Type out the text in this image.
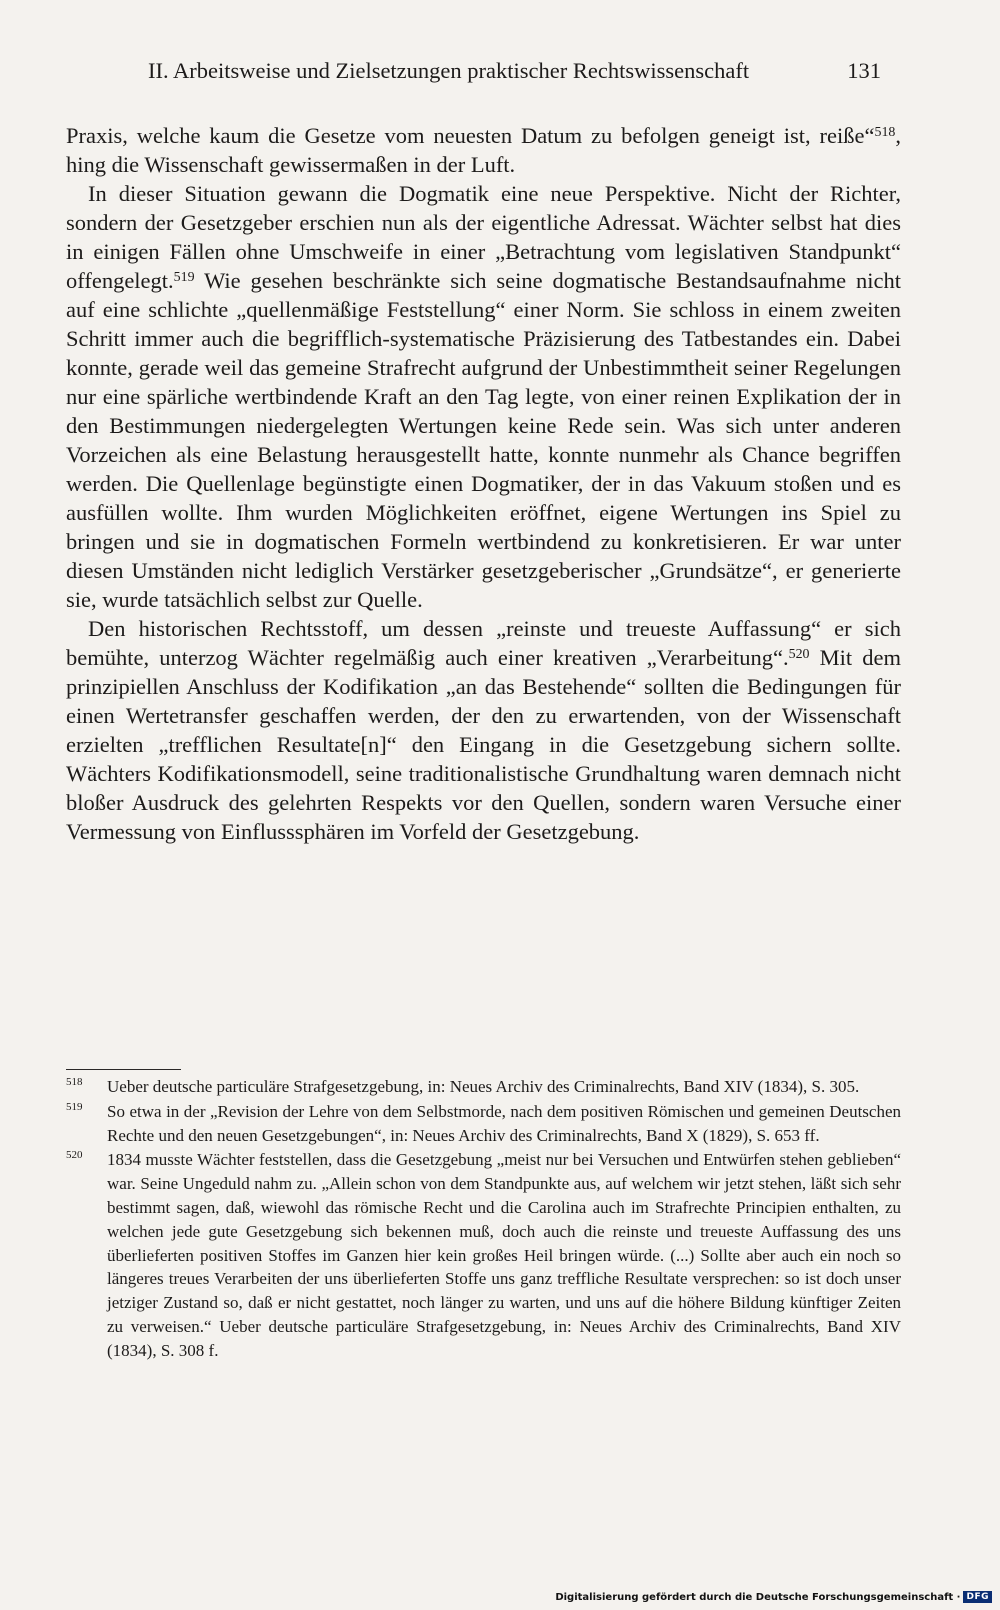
II. Arbeitsweise und Zielsetzungen praktischer Rechtswissenschaft	131

Praxis, welche kaum die Gesetze vom neuesten Datum zu befolgen geneigt ist, reiße“$^{518}$, hing die Wissenschaft gewissermaßen in der Luft.

In dieser Situation gewann die Dogmatik eine neue Perspektive. Nicht der Richter, sondern der Gesetzgeber erschien nun als der eigentliche Adressat. Wächter selbst hat dies in einigen Fällen ohne Umschweife in einer „Betrachtung vom legislativen Standpunkt“ offengelegt.$^{519}$ Wie gesehen beschränkte sich seine dogmatische Bestandsaufnahme nicht auf eine schlichte „quellenmäßige Feststellung“ einer Norm. Sie schloss in einem zweiten Schritt immer auch die begrifflich-systematische Präzisierung des Tatbestandes ein. Dabei konnte, gerade weil das gemeine Strafrecht aufgrund der Unbestimmtheit seiner Regelungen nur eine spärliche wertbindende Kraft an den Tag legte, von einer reinen Explikation der in den Bestimmungen niedergelegten Wertungen keine Rede sein. Was sich unter anderen Vorzeichen als eine Belastung herausgestellt hatte, konnte nunmehr als Chance begriffen werden. Die Quellenlage begünstigte einen Dogmatiker, der in das Vakuum stoßen und es ausfüllen wollte. Ihm wurden Möglichkeiten eröffnet, eigene Wertungen ins Spiel zu bringen und sie in dogmatischen Formeln wertbindend zu konkretisieren. Er war unter diesen Umständen nicht lediglich Verstärker gesetzgeberischer „Grundsätze“, er generierte sie, wurde tatsächlich selbst zur Quelle.

Den historischen Rechtsstoff, um dessen „reinste und treueste Auffassung“ er sich bemühte, unterzog Wächter regelmäßig auch einer kreativen „Verarbeitung“.$^{520}$ Mit dem prinzipiellen Anschluss der Kodifikation „an das Bestehende“ sollten die Bedingungen für einen Wertetransfer geschaffen werden, der den zu erwartenden, von der Wissenschaft erzielten „trefflichen Resultate[n]“ den Eingang in die Gesetzgebung sichern sollte. Wächters Kodifikationsmodell, seine traditionalistische Grundhaltung waren demnach nicht bloßer Ausdruck des gelehrten Respekts vor den Quellen, sondern waren Versuche einer Vermessung von Einflusssphären im Vorfeld der Gesetzgebung.

518	Ueber deutsche particuläre Strafgesetzgebung, in: Neues Archiv des Criminalrechts, Band XIV (1834), S. 305.
519	So etwa in der „Revision der Lehre von dem Selbstmorde, nach dem positiven Römischen und gemeinen Deutschen Rechte und den neuen Gesetzgebungen“, in: Neues Archiv des Criminalrechts, Band X (1829), S. 653 ff.
520	1834 musste Wächter feststellen, dass die Gesetzgebung „meist nur bei Versuchen und Entwürfen stehen geblieben“ war. Seine Ungeduld nahm zu. „Allein schon von dem Standpunkte aus, auf welchem wir jetzt stehen, läßt sich sehr bestimmt sagen, daß, wiewohl das römische Recht und die Carolina auch im Strafrechte Principien enthalten, zu welchen jede gute Gesetzgebung sich bekennen muß, doch auch die reinste und treueste Auffassung des uns überlieferten positiven Stoffes im Ganzen hier kein großes Heil bringen würde. (...) Sollte aber auch ein noch so längeres treues Verarbeiten der uns überlieferten Stoffe uns ganz treffliche Resultate versprechen: so ist doch unser jetziger Zustand so, daß er nicht gestattet, noch länger zu warten, und uns auf die höhere Bildung künftiger Zeiten zu verweisen.“ Ueber deutsche particuläre Strafgesetzgebung, in: Neues Archiv des Criminalrechts, Band XIV (1834), S. 308 f.
Digitalisierung gefördert durch die Deutsche Forschungsgemeinschaft · DFG
